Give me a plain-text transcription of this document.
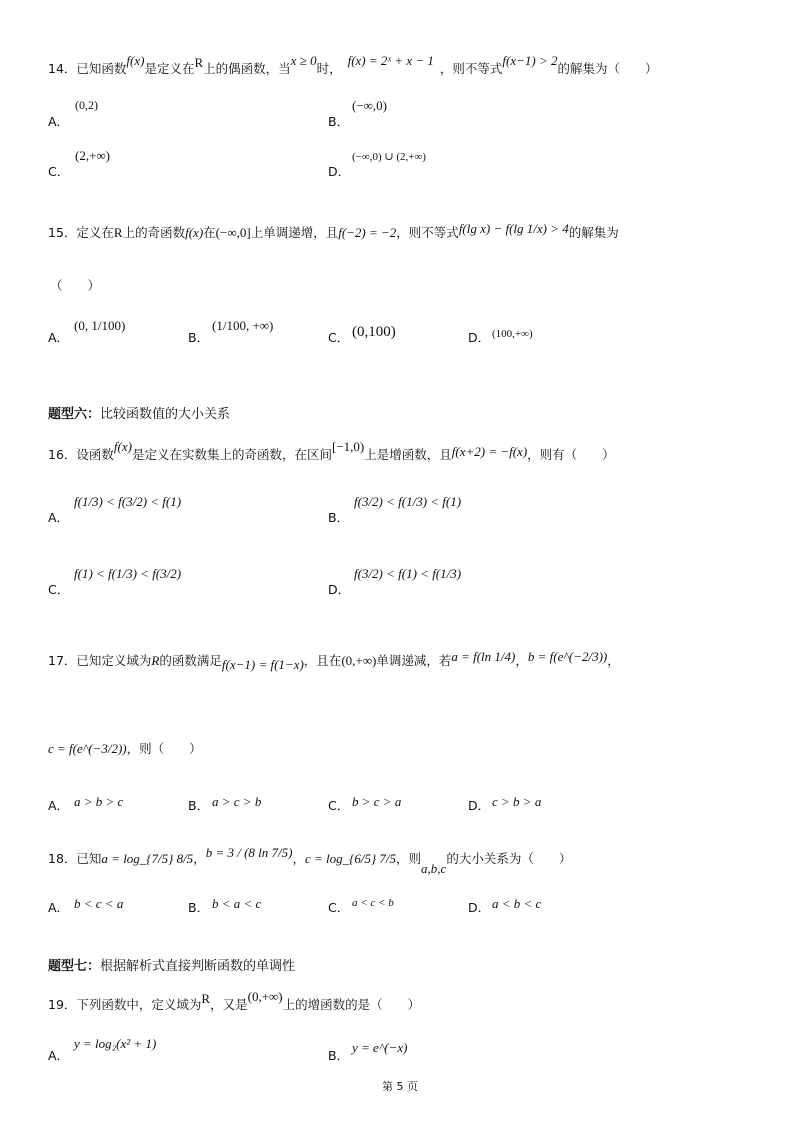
14．已知函数f(x)是定义在R上的偶函数，当x ≥ 0时，f(x) = 2ˣ + x − 1，则不等式f(x−1) > 2的解集为（　　）
A．
(0,2)
B．
(−∞,0)
C．
(2,+∞)
D．
(−∞,0) ∪ (2,+∞)
15．定义在R上的奇函数f(x)在(−∞,0]上单调递增，且f(−2) = −2，则不等式f(lg x) − f(lg 1/x) > 4的解集为
（　　）
A．
(0, 1/100)
B．
(1/100, +∞)
C． (0,100)	D． (100,+∞)
题型六：比较函数值的大小关系
16．设函数f(x)是定义在实数集上的奇函数，在区间[−1,0)上是增函数，且f(x+2) = −f(x)，则有（　　）
A．
f(1/3) < f(3/2) < f(1)
B．
f(3/2) < f(1/3) < f(1)
C．
f(1) < f(1/3) < f(3/2)
D．
f(3/2) < f(1) < f(1/3)
17．已知定义域为R的函数满足f(x−1) = f(1−x)，且在(0,+∞)单调递减，若a = f(ln 1/4)，b = f(e^(−2/3))，
c = f(e^(−3/2))，则（　　）
A． a > b > c	B． a > c > b	C． b > c > a	D． c > b > a
18．已知a = log_{7/5} 8/5，b = 3 / (8 ln 7/5)，c = log_{6/5} 7/5，则a,b,c的大小关系为（　　）
A． b < c < a	B． b < a < c	C． a < c < b	D． a < b < c
题型七：根据解析式直接判断函数的单调性
19．下列函数中，定义域为R，又是(0,+∞)上的增函数的是（　　）
A．
y = log₂(x² + 1)
B．
y = e^(−x)
第 5 页
